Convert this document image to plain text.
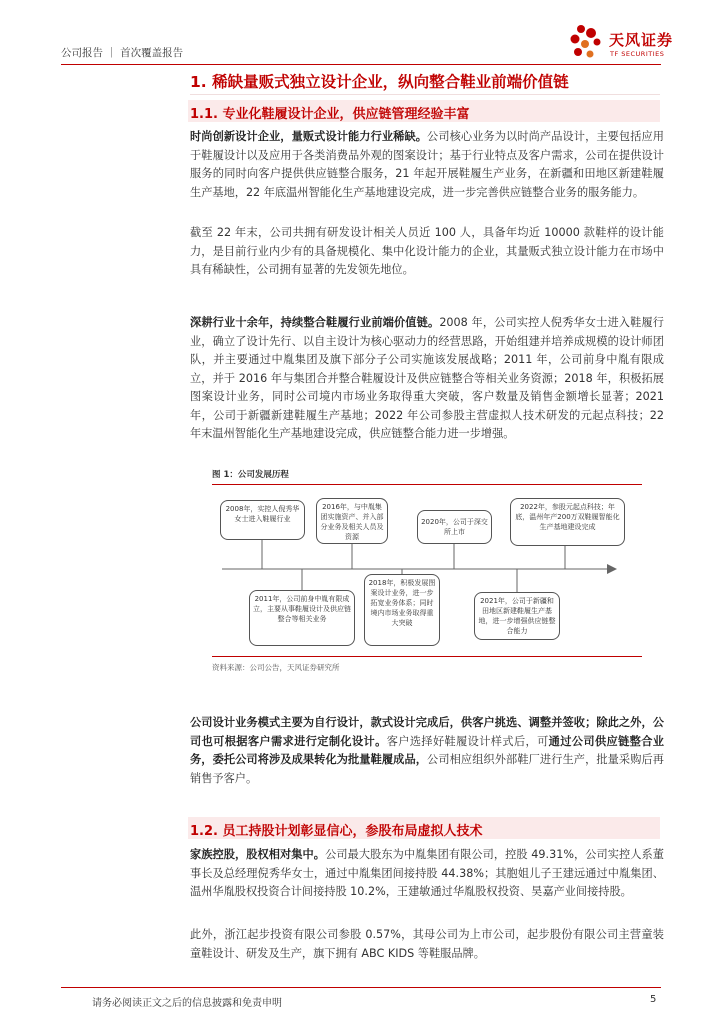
公司报告 ｜ 首次覆盖报告
天风证券
TF SECURITIES
1. 稀缺量贩式独立设计企业，纵向整合鞋业前端价值链
1.1. 专业化鞋履设计企业，供应链管理经验丰富
时尚创新设计企业，量贩式设计能力行业稀缺。公司核心业务为以时尚产品设计，主要包括应用于鞋履设计以及应用于各类消费品外观的图案设计；基于行业特点及客户需求，公司在提供设计服务的同时向客户提供供应链整合服务，21 年起开展鞋履生产业务，在新疆和田地区新建鞋履生产基地，22 年底温州智能化生产基地建设完成，进一步完善供应链整合业务的服务能力。
截至 22 年末，公司共拥有研发设计相关人员近 100 人，具备年均近 10000 款鞋样的设计能力，是目前行业内少有的具备规模化、集中化设计能力的企业，其量贩式独立设计能力在市场中具有稀缺性，公司拥有显著的先发领先地位。
深耕行业十余年，持续整合鞋履行业前端价值链。2008 年，公司实控人倪秀华女士进入鞋履行业，确立了设计先行、以自主设计为核心驱动力的经营思路，开始组建并培养成规模的设计师团队，并主要通过中胤集团及旗下部分子公司实施该发展战略；2011 年，公司前身中胤有限成立，并于 2016 年与集团合并整合鞋履设计及供应链整合等相关业务资源；2018 年，积极拓展图案设计业务，同时公司境内市场业务取得重大突破，客户数量及销售金额增长显著；2021 年，公司于新疆新建鞋履生产基地；2022 年公司参股主营虚拟人技术研发的元起点科技；22 年末温州智能化生产基地建设完成，供应链整合能力进一步增强。
图 1：公司发展历程
2008年，实控人倪秀华女士进入鞋履行业
2016年，与中胤集团实施资产、并入部分业务及相关人员及资源
2020年，公司于深交所上市
2022年，参股元起点科技；年底，温州年产200万双鞋履智能化生产基地建设完成
2011年，公司前身中胤有限成立，主要从事鞋履设计及供应链整合等相关业务
2018年，积极发展图案设计业务，进一步拓宽业务体系；同时境内市场业务取得重大突破
2021年，公司于新疆和田地区新建鞋履生产基地，进一步增强供应链整合能力
资料来源：公司公告，天风证券研究所
公司设计业务模式主要为自行设计，款式设计完成后，供客户挑选、调整并签收；除此之外，公司也可根据客户需求进行定制化设计。客户选择好鞋履设计样式后，可通过公司供应链整合业务，委托公司将涉及成果转化为批量鞋履成品，公司相应组织外部鞋厂进行生产，批量采购后再销售予客户。
1.2. 员工持股计划彰显信心，参股布局虚拟人技术
家族控股，股权相对集中。公司最大股东为中胤集团有限公司，控股 49.31%，公司实控人系董事长及总经理倪秀华女士，通过中胤集团间接持股 44.38%；其胞姐儿子王建远通过中胤集团、温州华胤股权投资合计间接持股 10.2%，王建敏通过华胤股权投资、昊嘉产业间接持股。
此外，浙江起步投资有限公司参股 0.57%，其母公司为上市公司，起步股份有限公司主营童装童鞋设计、研发及生产，旗下拥有 ABC KIDS 等鞋服品牌。
请务必阅读正文之后的信息披露和免责申明	5
